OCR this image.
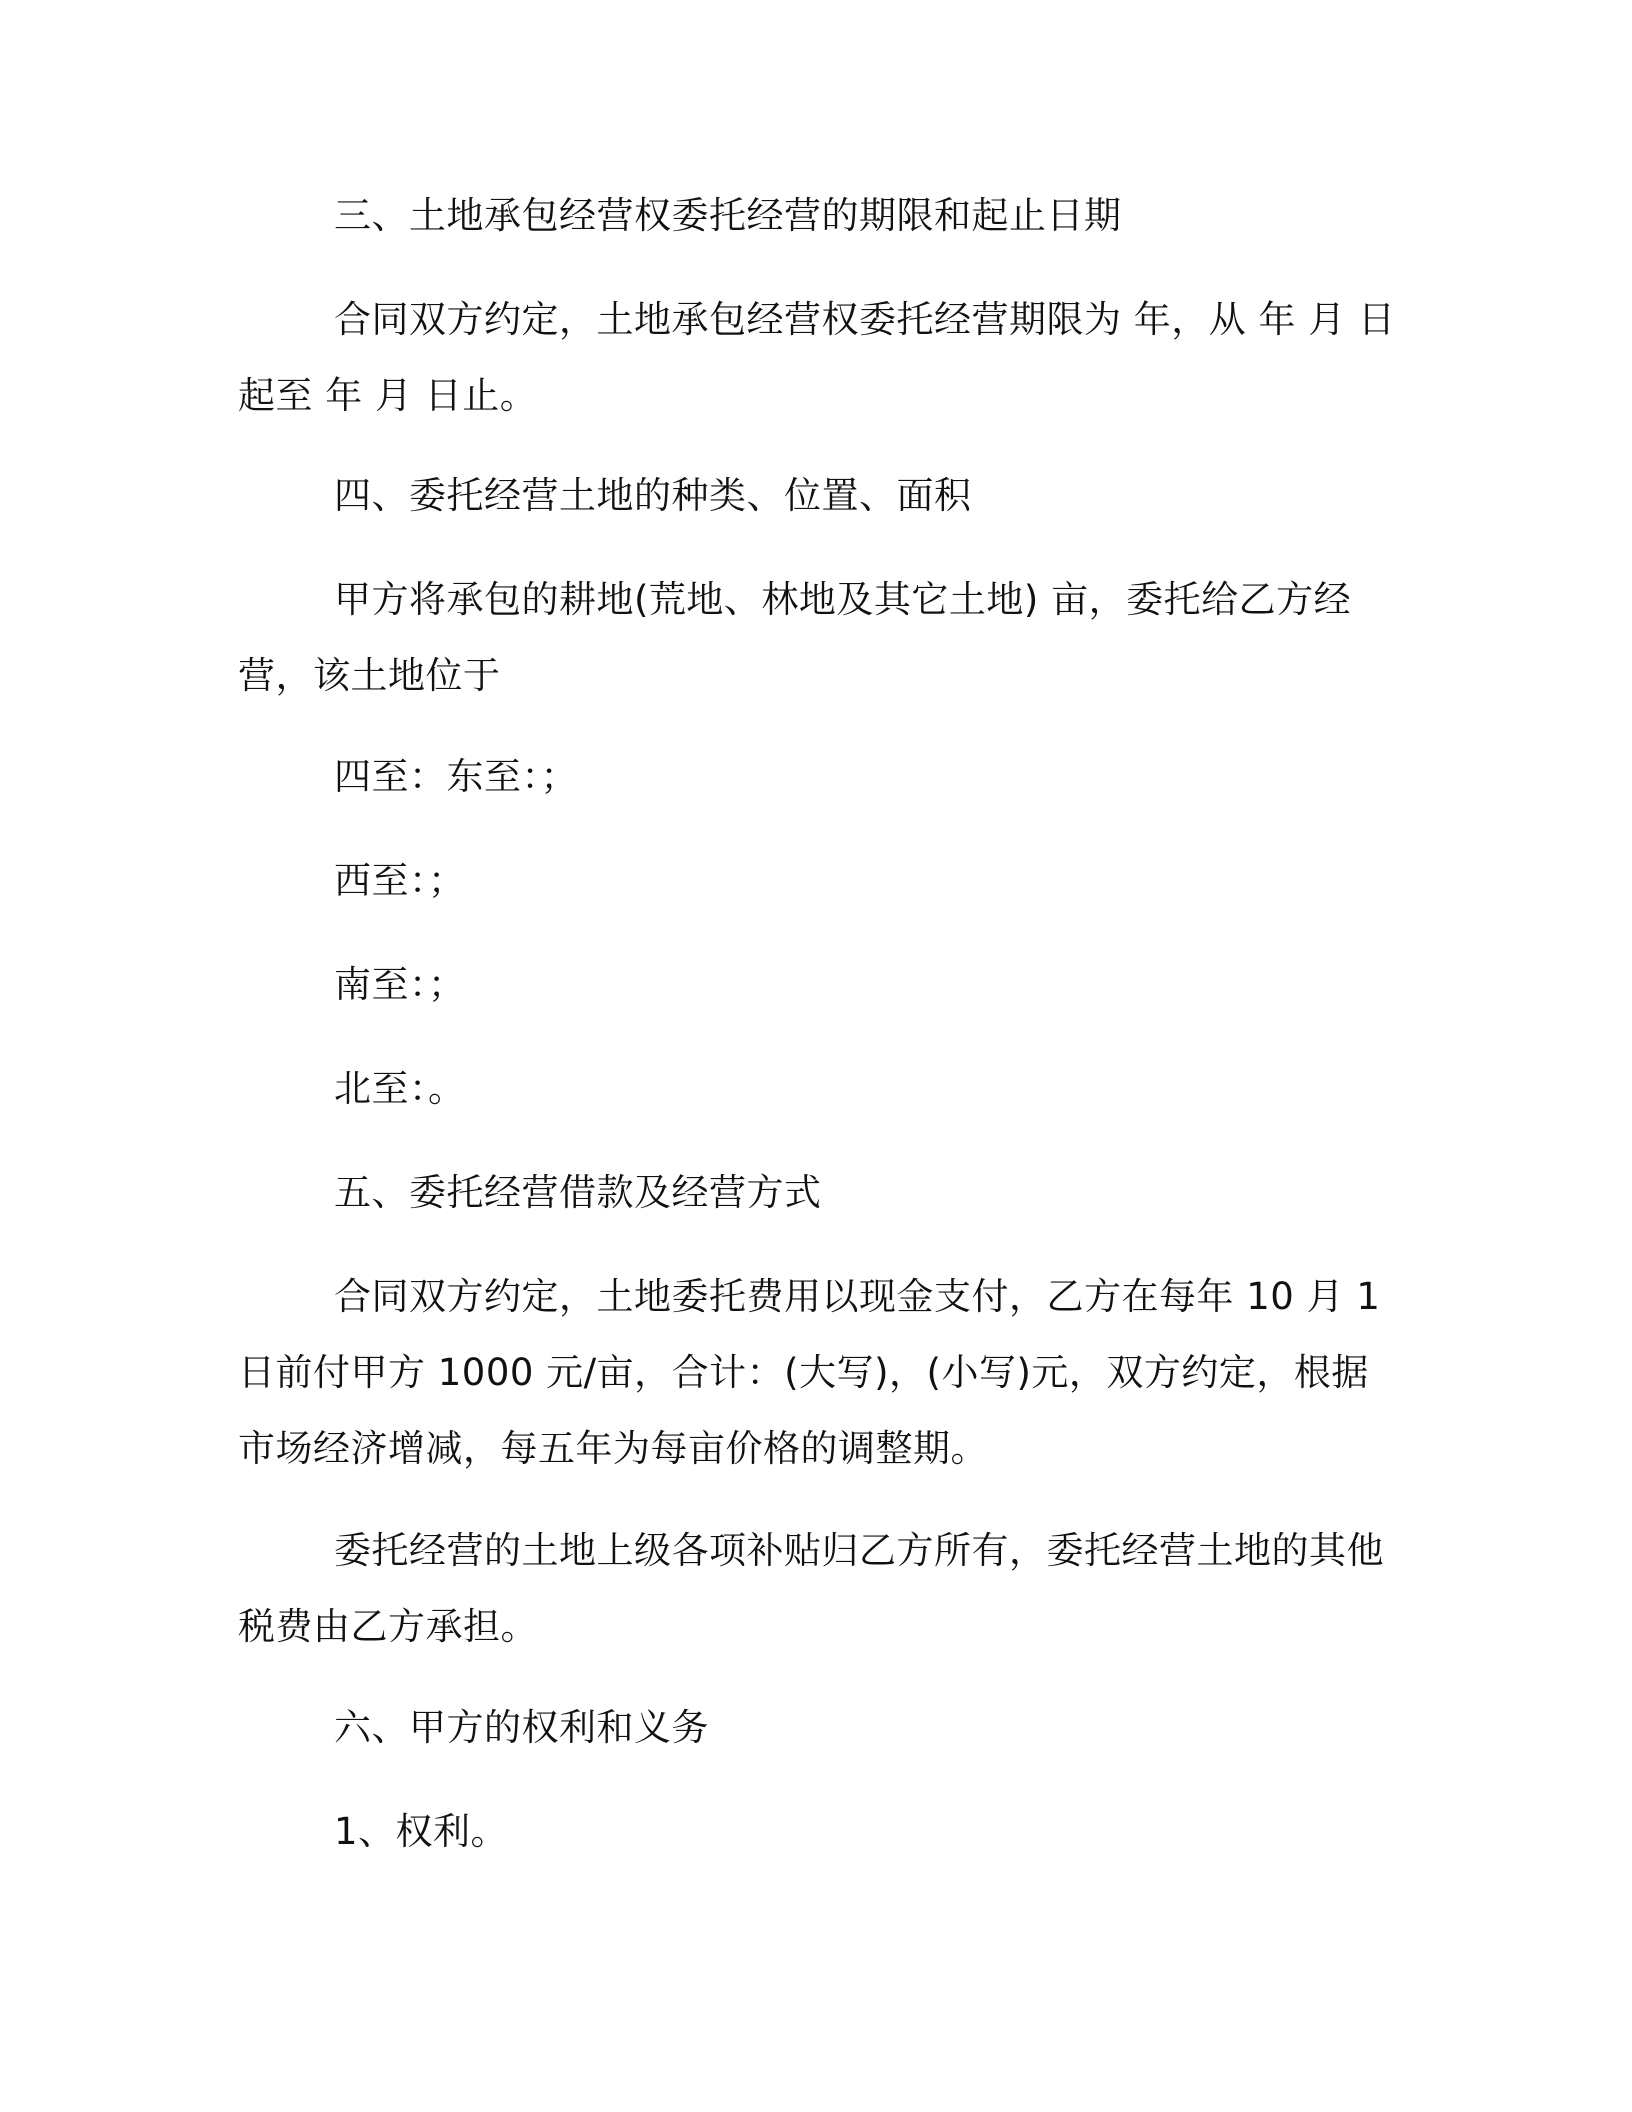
三、土地承包经营权委托经营的期限和起止日期
合同双方约定，土地承包经营权委托经营期限为 年，从 年 月 日起至 年 月 日止。
四、委托经营土地的种类、位置、面积
甲方将承包的耕地(荒地、林地及其它土地) 亩，委托给乙方经营，该土地位于
四至：东至：；
西至：；
南至：；
北至：。
五、委托经营借款及经营方式
合同双方约定，土地委托费用以现金支付，乙方在每年 10 月 1 日前付甲方 1000 元/亩，合计：(大写)，(小写)元，双方约定，根据市场经济增减，每五年为每亩价格的调整期。
委托经营的土地上级各项补贴归乙方所有，委托经营土地的其他税费由乙方承担。
六、甲方的权利和义务
1、权利。
